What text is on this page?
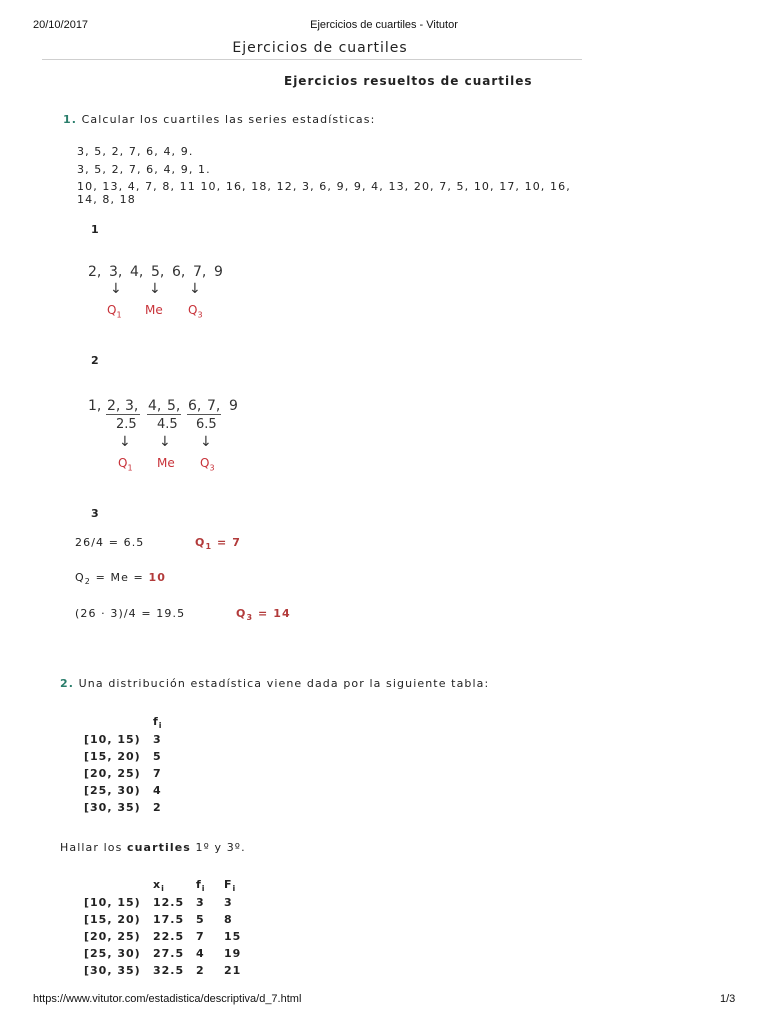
20/10/2017	Ejercicios de cuartiles - Vitutor
Ejercicios de cuartiles
Ejercicios resueltos de cuartiles
1. Calcular los cuartiles las series estadísticas:
3, 5, 2, 7, 6, 4, 9.
3, 5, 2, 7, 6, 4, 9, 1.
10, 13, 4, 7, 8, 11 10, 16, 18, 12, 3, 6, 9, 9, 4, 13, 20, 7, 5, 10, 17, 10, 16,
14, 8, 18
1
2, 3, 4, 5, 6, 7, 9
↓ ↓ ↓
$Q_1$ Me $Q_3$
2
1, 2, 3, 4, 5, 6, 7, 9
2.5 4.5 6.5
↓ ↓ ↓
$Q_1$ Me $Q_3$
3
26/4 = 6.5	$Q_1 = 7$
$Q_2 = Me = 10$
(26 · 3)/4 = 19.5	$Q_3 = 14$
2. Una distribución estadística viene dada por la siguiente tabla:
	$f_i$
[10, 15)	3
[15, 20)	5
[20, 25)	7
[25, 30)	4
[30, 35)	2
Hallar los cuartiles 1º y 3º.
	$x_i$	$f_i$	$F_i$
[10, 15)	12.5	3	3
[15, 20)	17.5	5	8
[20, 25)	22.5	7	15
[25, 30)	27.5	4	19
[30, 35)	32.5	2	21
https://www.vitutor.com/estadistica/descriptiva/d_7.html	1/3
